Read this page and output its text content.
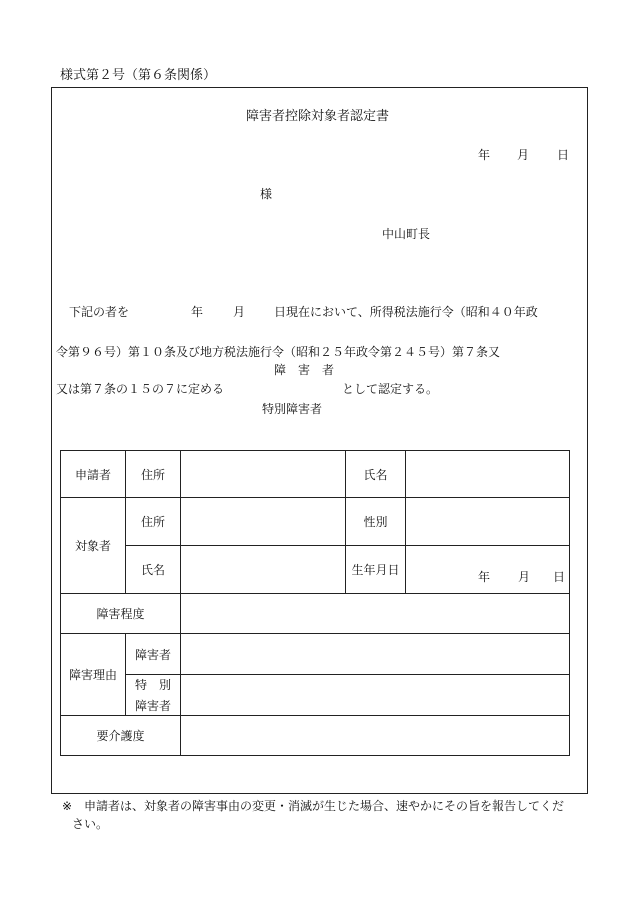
様式第２号（第６条関係）
障害者控除対象者認定書
年 月 日
様
中山町長
下記の者を	年 月 日現在において、所得税法施行令（昭和４０年政
令第９６号）第１０条及び地方税法施行令（昭和２５年政令第２４５号）第７条又
障　害　者
又は第７条の１５の７に定める	として認定する。
特別障害者
申請者	住所		氏名	
対象者	住所		性別	
	氏名		生年月日	年 月 日

障害程度				
障害理由	障害者			

	特　別
障害者			

要介護度				
※ 申請者は、対象者の障害事由の変更・消滅が生じた場合、速やかにその旨を報告してくだ
さい。
